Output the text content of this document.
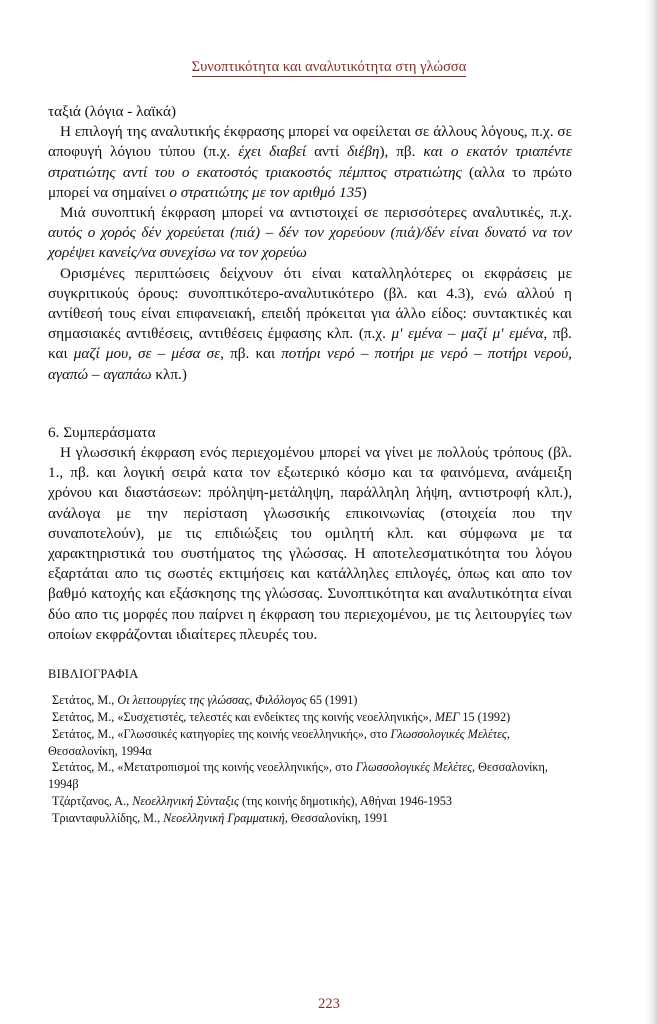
Συνοπτικότητα και αναλυτικότητα στη γλώσσα

ταξιά (λόγια - λαϊκά)

Η επιλογή της αναλυτικής έκφρασης μπορεί να οφείλεται σε άλλους λόγους, π.χ. σε αποφυγή λόγιου τύπου (π.χ. έχει διαβεί αντί διέβη), πβ. και ο εκατόν τριαπέντε στρατιώτης αντί του ο εκατοστός τριακοστός πέμπτος στρατιώτης (αλλα το πρώτο μπορεί να σημαίνει ο στρατιώτης με τον αριθμό 135)

Μιά συνοπτική έκφραση μπορεί να αντιστοιχεί σε περισσότερες αναλυτικές, π.χ. αυτός ο χορός δέν χορεύεται (πιά) – δέν τον χορεύουν (πιά)/δέν είναι δυνατό να τον χορέψει κανείς/να συνεχίσω να τον χορεύω

Ορισμένες περιπτώσεις δείχνουν ότι είναι καταλληλότερες οι εκφράσεις με συγκριτικούς όρους: συνοπτικότερο-αναλυτικότερο (βλ. και 4.3), ενώ αλλού η αντίθεσή τους είναι επιφανειακή, επειδή πρόκειται για άλλο είδος: συντακτικές και σημασιακές αντιθέσεις, αντιθέσεις έμφασης κλπ. (π.χ. μ' εμένα – μαζί μ' εμένα, πβ. και μαζί μου, σε – μέσα σε, πβ. και ποτήρι νερό – ποτήρι με νερό – ποτήρι νερού, αγαπώ – αγαπάω κλπ.)

6. Συμπεράσματα

Η γλωσσική έκφραση ενός περιεχομένου μπορεί να γίνει με πολλούς τρόπους (βλ. 1., πβ. και λογική σειρά κατα τον εξωτερικό κόσμο και τα φαινόμενα, ανάμειξη χρόνου και διαστάσεων: πρόληψη-μετάληψη, παράλληλη λήψη, αντιστροφή κλπ.), ανάλογα με την περίσταση γλωσσικής επικοινωνίας (στοιχεία που την συναποτελούν), με τις επιδιώξεις του ομιλητή κλπ. και σύμφωνα με τα χαρακτηριστικά του συστήματος της γλώσσας. Η αποτελεσματικότητα του λόγου εξαρτάται απο τις σωστές εκτιμήσεις και κατάλληλες επιλογές, όπως και απο τον βαθμό κατοχής και εξάσκησης της γλώσσας. Συνοπτικότητα και αναλυτικότητα είναι δύο απο τις μορφές που παίρνει η έκφραση του περιεχομένου, με τις λειτουργίες των οποίων εκφράζονται ιδιαίτερες πλευρές του.

ΒΙΒΛΙΟΓΡΑΦΙΑ

Σετάτος, Μ., Οι λειτουργίες της γλώσσας, Φιλόλογος 65 (1991)

Σετάτος, Μ., «Συσχετιστές, τελεστές και ενδείκτες της κοινής νεοελληνικής», ΜΕΓ 15 (1992)

Σετάτος, Μ., «Γλωσσικές κατηγορίες της κοινής νεοελληνικής», στο Γλωσσολογικές Μελέτες, Θεσσαλονίκη, 1994α

Σετάτος, Μ., «Μετατροπισμοί της κοινής νεοελληνικής», στο Γλωσσολογικές Μελέτες, Θεσσαλονίκη, 1994β

Τζάρτζανος, Α., Νεοελληνική Σύνταξις (της κοινής δημοτικής), Αθήναι 1946-1953

Τριανταφυλλίδης, Μ., Νεοελληνική Γραμματική, Θεσσαλονίκη, 1991

223
